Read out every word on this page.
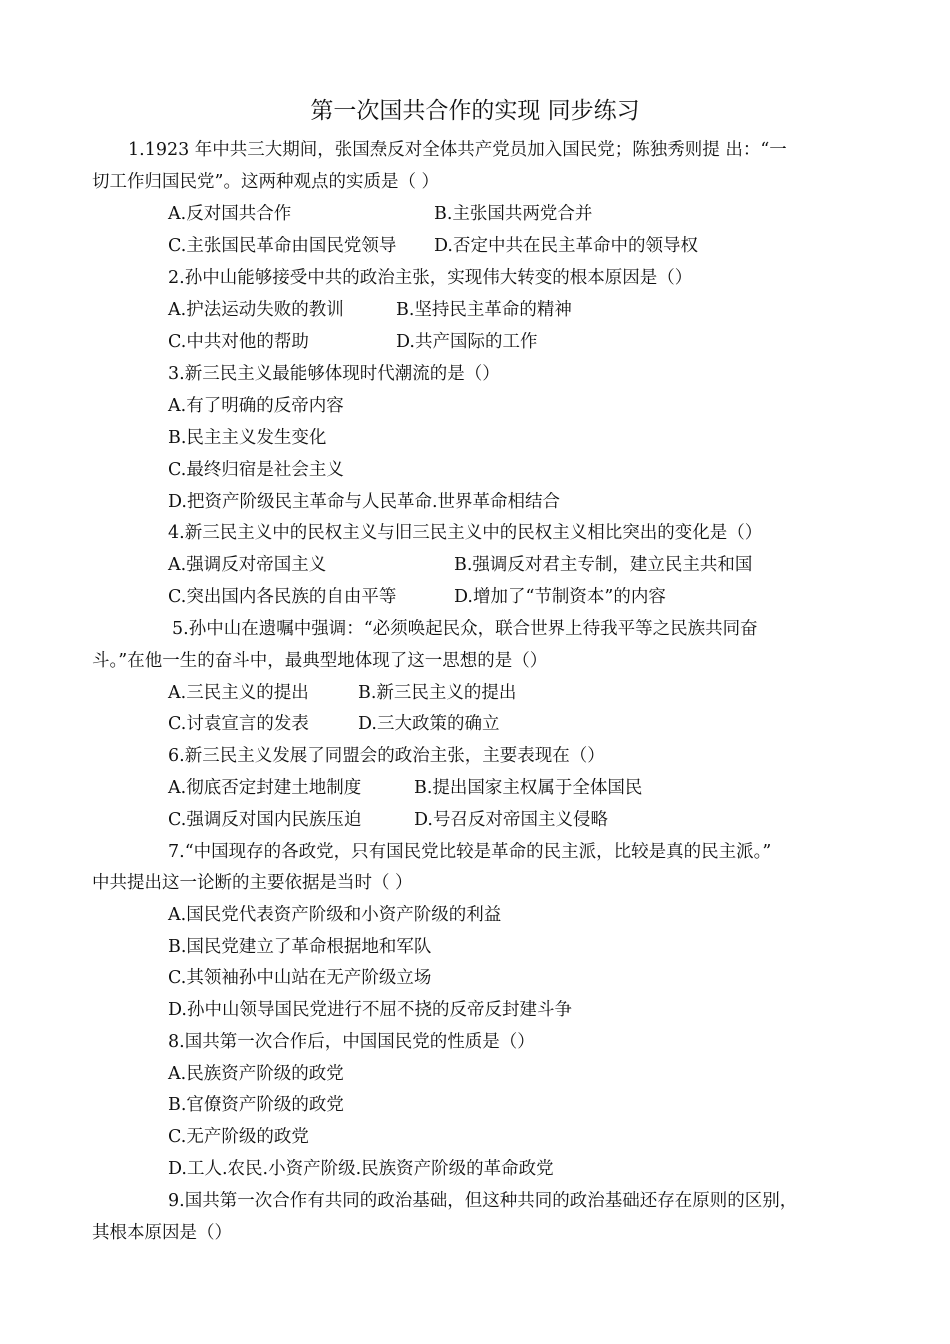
第一次国共合作的实现 同步练习
1.1923 年中共三大期间，张国焘反对全体共产党员加入国民党；陈独秀则提 出：“一
切工作归国民党”。这两种观点的实质是（ ）
A.反对国共合作	B.主张国共两党合并
C.主张国民革命由国民党领导 D.否定中共在民主革命中的领导权
2.孙中山能够接受中共的政治主张，实现伟大转变的根本原因是（）
A.护法运动失败的教训	B.坚持民主革命的精神
C.中共对他的帮助	D.共产国际的工作
3.新三民主义最能够体现时代潮流的是（）
A.有了明确的反帝内容
B.民主主义发生变化
C.最终归宿是社会主义
D.把资产阶级民主革命与人民革命.世界革命相结合
4.新三民主义中的民权主义与旧三民主义中的民权主义相比突出的变化是（）
A.强调反对帝国主义	B.强调反对君主专制，建立民主共和国
C.突出国内各民族的自由平等	D.增加了“节制资本”的内容
5.孙中山在遗嘱中强调：“必须唤起民众，联合世界上待我平等之民族共同奋
斗。”在他一生的奋斗中，最典型地体现了这一思想的是（）
A.三民主义的提出	B.新三民主义的提出
C.讨袁宣言的发表	D.三大政策的确立
6.新三民主义发展了同盟会的政治主张，主要表现在（）
A.彻底否定封建土地制度	B.提出国家主权属于全体国民
C.强调反对国内民族压迫	D.号召反对帝国主义侵略
7.“中国现存的各政党，只有国民党比较是革命的民主派，比较是真的民主派。”
中共提出这一论断的主要依据是当时（ ）
A.国民党代表资产阶级和小资产阶级的利益
B.国民党建立了革命根据地和军队
C.其领袖孙中山站在无产阶级立场
D.孙中山领导国民党进行不屈不挠的反帝反封建斗争
8.国共第一次合作后，中国国民党的性质是（）
A.民族资产阶级的政党
B.官僚资产阶级的政党
C.无产阶级的政党
D.工人.农民.小资产阶级.民族资产阶级的革命政党
9.国共第一次合作有共同的政治基础，但这种共同的政治基础还存在原则的区别，
其根本原因是（）
